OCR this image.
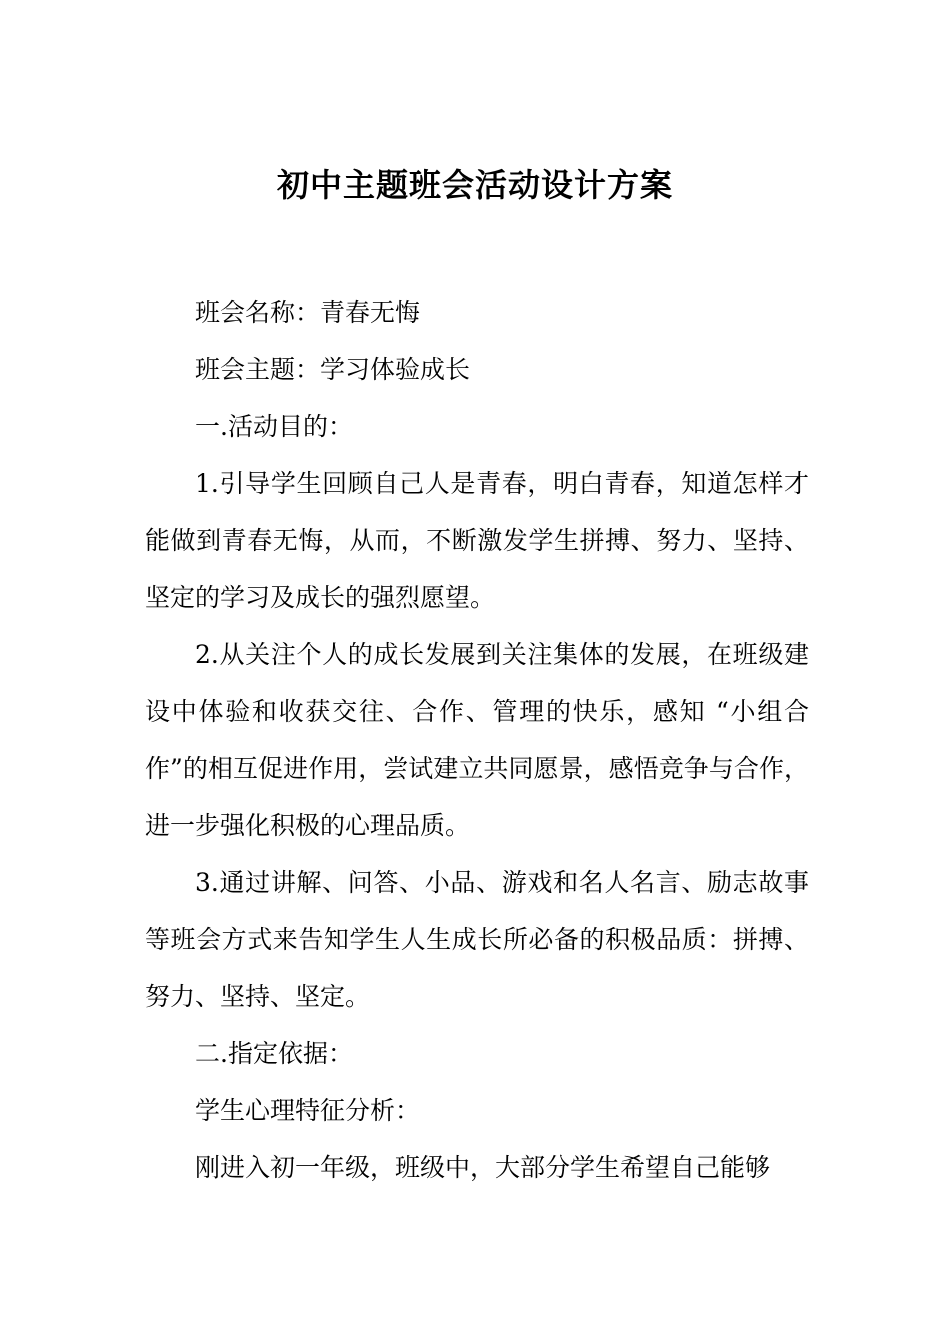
初中主题班会活动设计方案

班会名称：青春无悔

班会主题：学习体验成长

一.活动目的：

1.引导学生回顾自己人是青春，明白青春，知道怎样才能做到青春无悔，从而，不断激发学生拼搏、努力、坚持、坚定的学习及成长的强烈愿望。

2.从关注个人的成长发展到关注集体的发展，在班级建设中体验和收获交往、合作、管理的快乐，感知 “小组合作”的相互促进作用，尝试建立共同愿景，感悟竞争与合作，进一步强化积极的心理品质。

3.通过讲解、问答、小品、游戏和名人名言、励志故事等班会方式来告知学生人生成长所必备的积极品质：拼搏、努力、坚持、坚定。

二.指定依据：

学生心理特征分析：

刚进入初一年级，班级中，大部分学生希望自己能够
